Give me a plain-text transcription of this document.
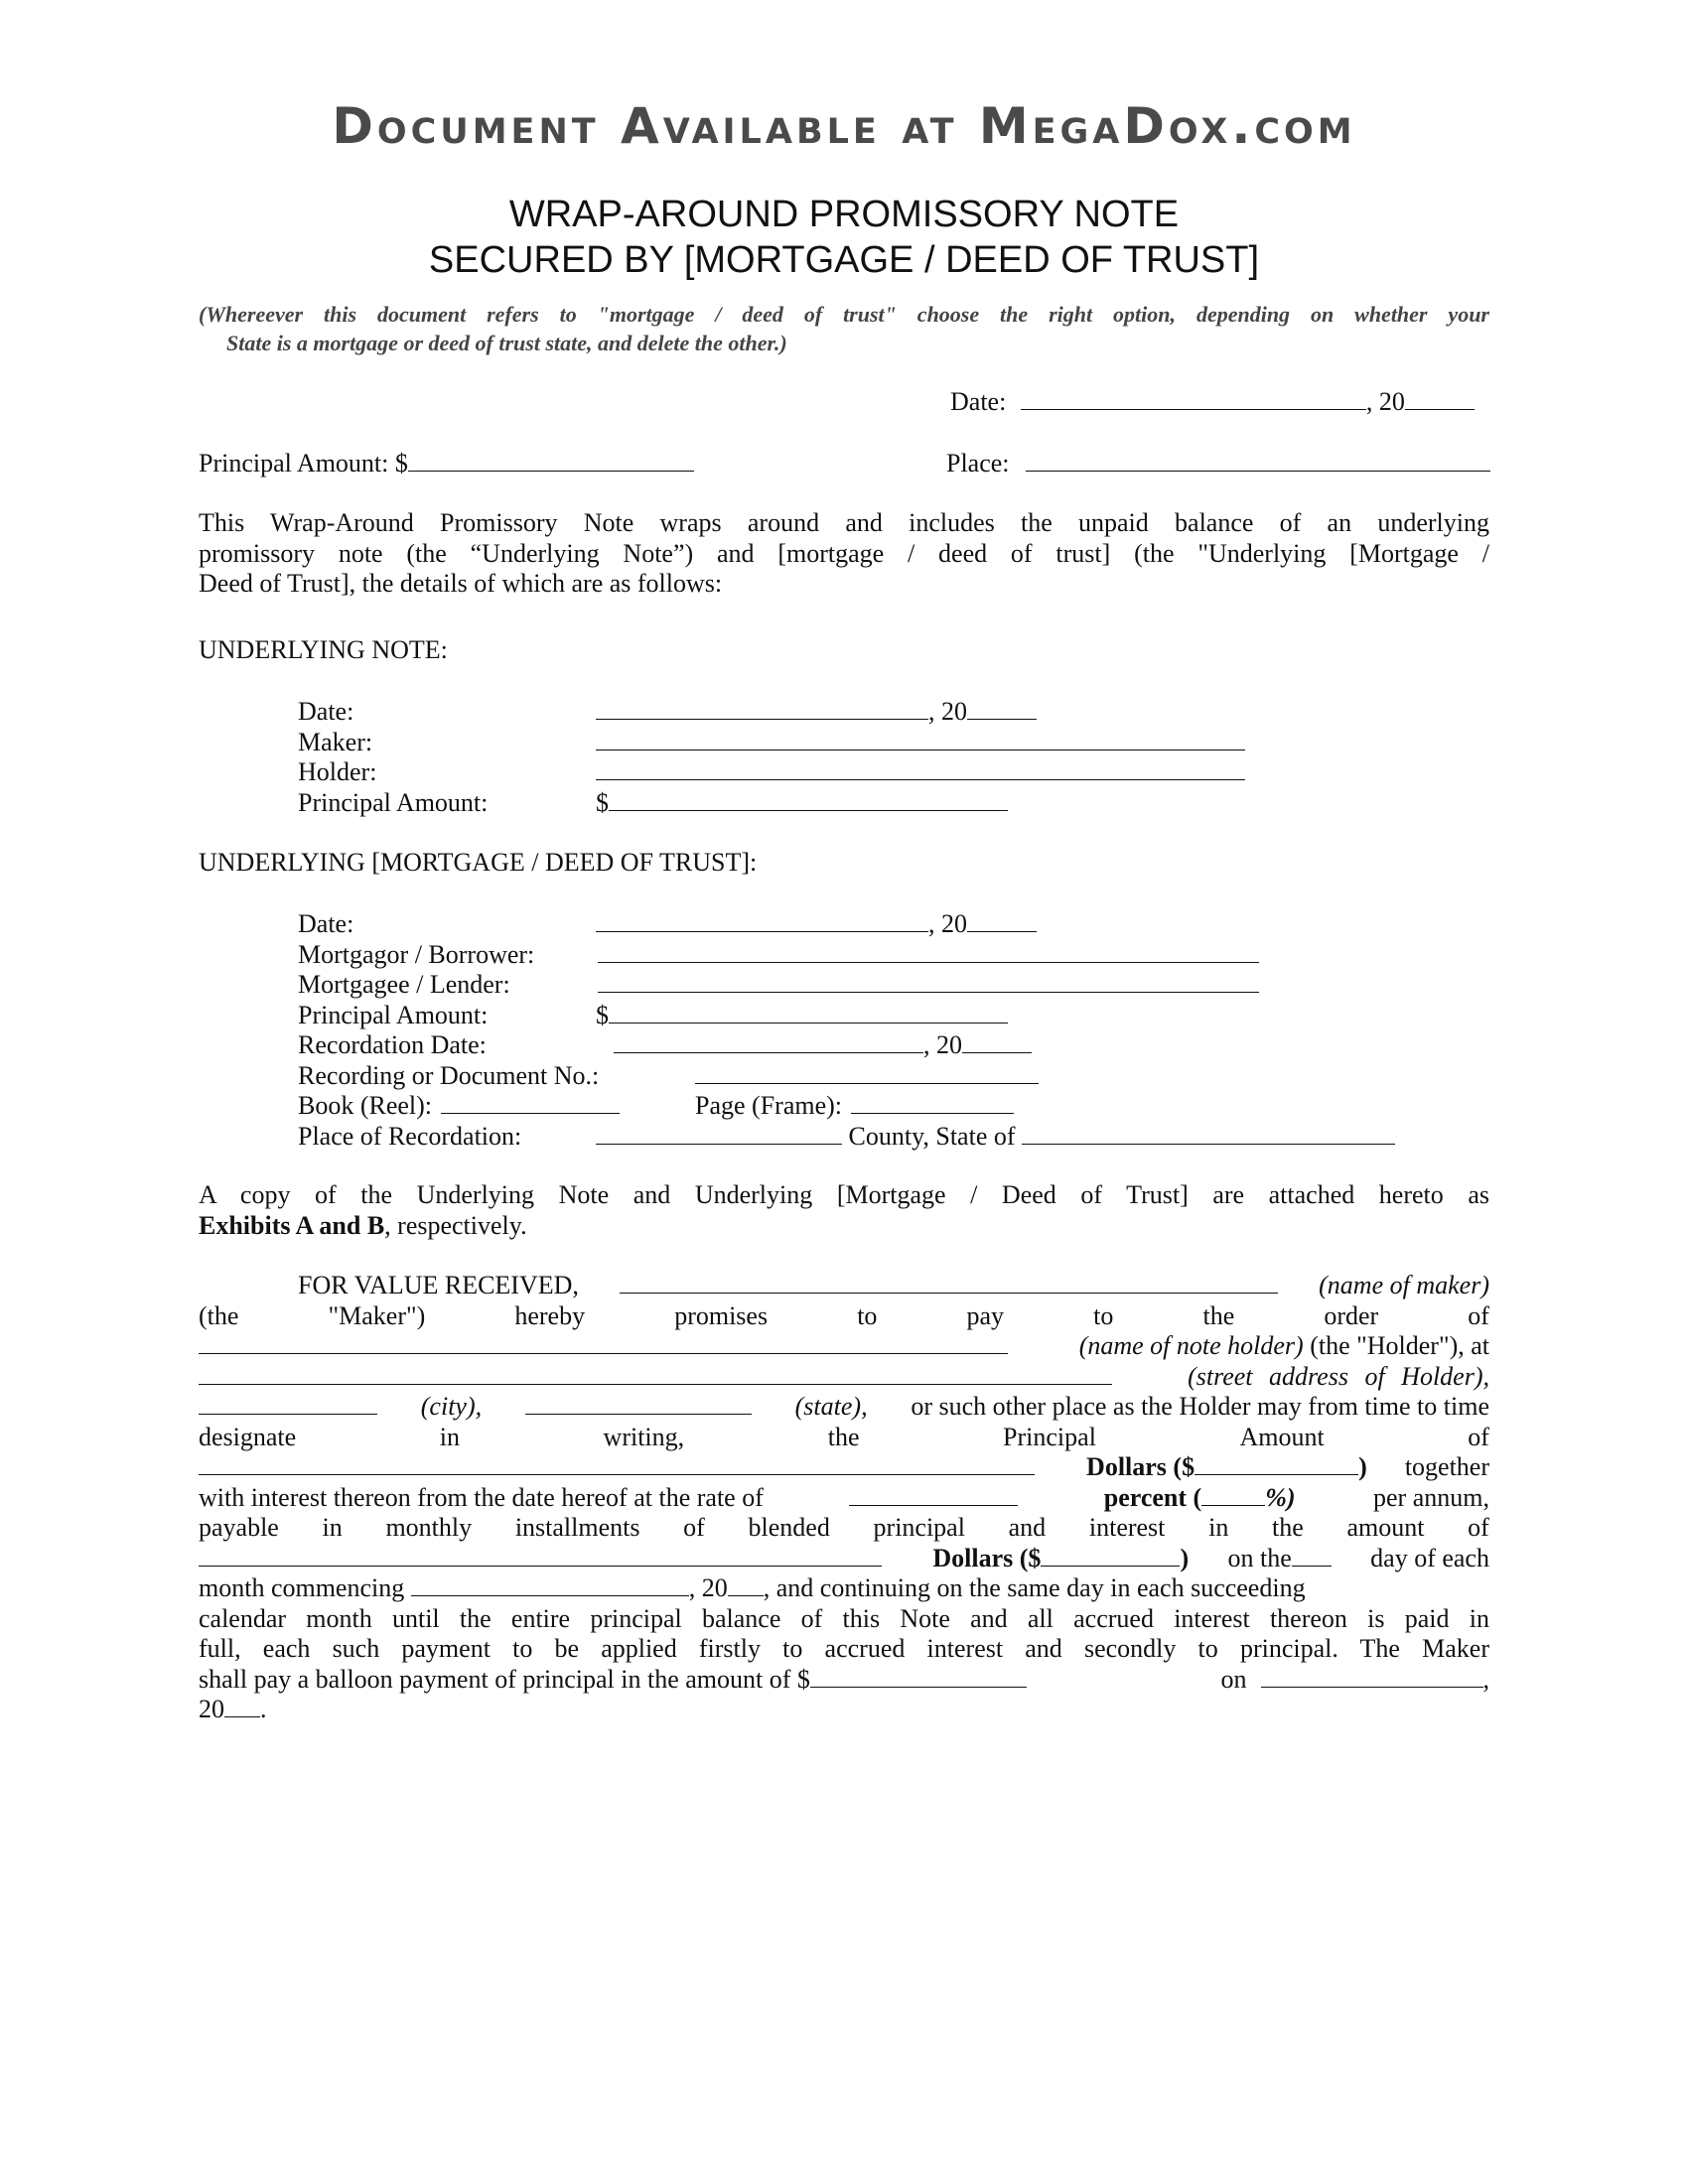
Document Available at MegaDox.com
WRAP-AROUND PROMISSORY NOTE
SECURED BY [MORTGAGE / DEED OF TRUST]
(Whereever this document refers to "mortgage / deed of trust" choose the right option, depending on whether your
State is a mortgage or deed of trust state, and delete the other.)
Date:	, 20
Principal Amount: $	Place:
This Wrap-Around Promissory Note wraps around and includes the unpaid balance of an underlying
promissory note (the “Underlying Note”) and [mortgage / deed of trust] (the "Underlying [Mortgage /
Deed of Trust], the details of which are as follows:
UNDERLYING NOTE:
Date:	, 20
Maker:
Holder:
Principal Amount:	$
UNDERLYING [MORTGAGE / DEED OF TRUST]:
Date:	, 20
Mortgagor / Borrower:
Mortgagee / Lender:
Principal Amount:	$
Recordation Date:	, 20
Recording or Document No.:
Book (Reel):	Page (Frame):
Place of Recordation:	County, State of
A copy of the Underlying Note and Underlying [Mortgage / Deed of Trust] are attached hereto as
Exhibits A and B, respectively.
FOR VALUE RECEIVED,	(name of maker)
(the	"Maker")	hereby	promises	to	pay	to	the	order	of
(name of note holder) (the "Holder"), at
(street address of Holder),
(city),	(state), or such other place as the Holder may from time to time
designate	in	writing,	the	Principal	Amount	of
Dollars ($	) together
with interest thereon from the date hereof at the rate of	percent ( %)	per annum,
payable in monthly installments of blended principal and interest in the amount of
Dollars ($	) on the	day of each
month commencing	, 20 , and continuing on the same day in each succeeding
calendar month until the entire principal balance of this Note and all accrued interest thereon is paid in
full, each such payment to be applied firstly to accrued interest and secondly to principal. The Maker
shall pay a balloon payment of principal in the amount of $	on	,
20 .
